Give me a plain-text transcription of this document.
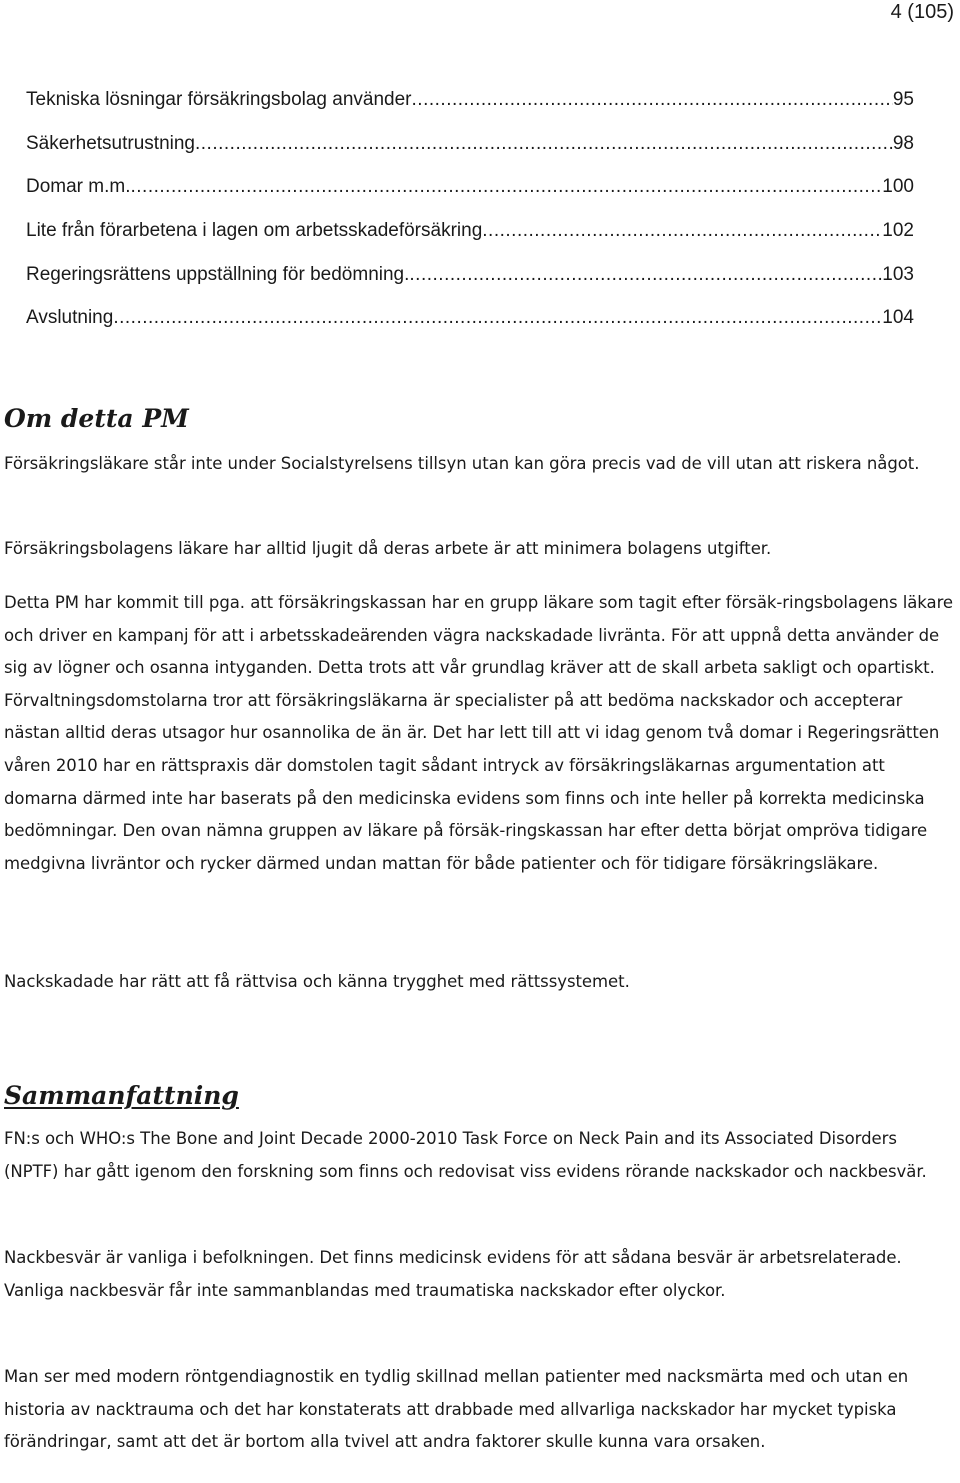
4 (105)
Tekniska lösningar försäkringsbolag använder .....	95
Säkerhetsutrustning .....	98
Domar m.m. .....	100
Lite från förarbetena i lagen om arbetsskadeförsäkring .....	102
Regeringsrättens uppställning för bedömning. .....	103
Avslutning .....	104
Om detta PM

Försäkringsläkare står inte under Socialstyrelsens tillsyn utan kan göra precis vad de vill utan att riskera något.

Försäkringsbolagens läkare har alltid ljugit då deras arbete är att minimera bolagens utgifter.

Detta PM har kommit till pga. att försäkringskassan har en grupp läkare som tagit efter försäk-ringsbolagens läkare och driver en kampanj för att i arbetsskadeärenden vägra nackskadade livränta. För att uppnå detta använder de sig av lögner och osanna intyganden. Detta trots att vår grundlag kräver att de skall arbeta sakligt och opartiskt. Förvaltningsdomstolarna tror att försäkringsläkarna är specialister på att bedöma nackskador och accepterar nästan alltid deras utsagor hur osannolika de än är. Det har lett till att vi idag genom två domar i Regeringsrätten våren 2010 har en rättspraxis där domstolen tagit sådant intryck av försäkringsläkarnas argumentation att domarna därmed inte har baserats på den medicinska evidens som finns och inte heller på korrekta medicinska bedömningar. Den ovan nämna gruppen av läkare på försäk-ringskassan har efter detta börjat ompröva tidigare medgivna livräntor och rycker därmed undan mattan för både patienter och för tidigare försäkringsläkare.

Nackskadade har rätt att få rättvisa och känna trygghet med rättssystemet.

Sammanfattning

FN:s och WHO:s The Bone and Joint Decade 2000-2010 Task Force on Neck Pain and its Associated Disorders (NPTF) har gått igenom den forskning som finns och redovisat viss evidens rörande nackskador och nackbesvär.

Nackbesvär är vanliga i befolkningen. Det finns medicinsk evidens för att sådana besvär är arbetsrelaterade. Vanliga nackbesvär får inte sammanblandas med traumatiska nackskador efter olyckor.

Man ser med modern röntgendiagnostik en tydlig skillnad mellan patienter med nacksmärta med och utan en historia av nacktrauma och det har konstaterats att drabbade med allvarliga nackskador har mycket typiska förändringar, samt att det är bortom alla tvivel att andra faktorer skulle kunna vara orsaken.
